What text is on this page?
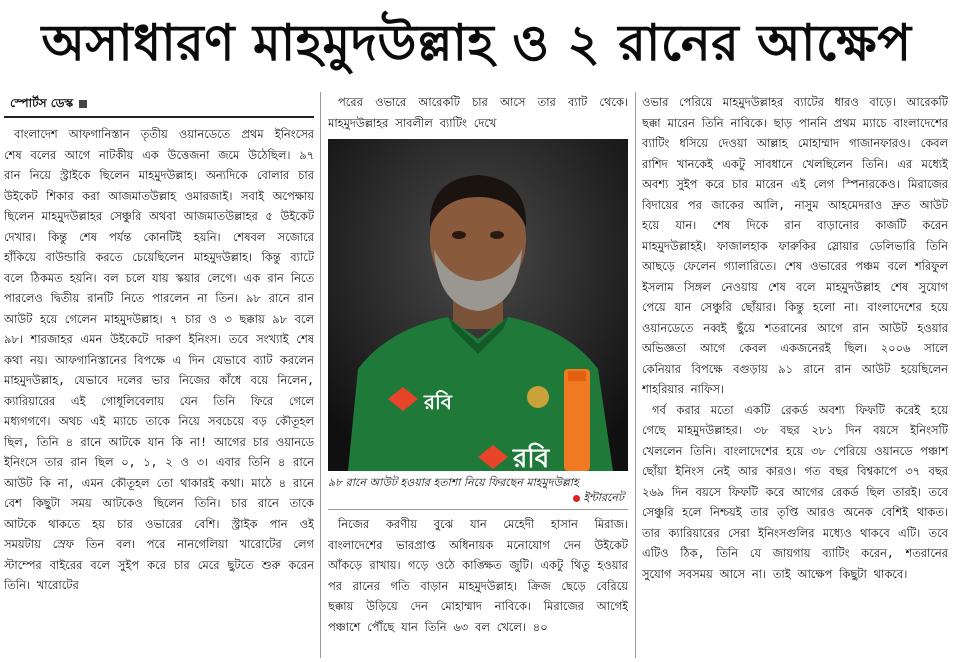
অসাধারণ মাহমুদউল্লাহ ও ২ রানের আক্ষেপ
স্পোর্টস ডেস্ক

বাংলাদেশ আফগানিস্তান তৃতীয় ওয়ানডেতে প্রথম ইনিংসের শেষ বলের আগে নাটকীয় এক উত্তেজনা জমে উঠেছিল। ৯৭ রান নিয়ে স্ট্রাইকে ছিলেন মাহমুদউল্লাহ। অন্যদিকে বোলার চার উইকেট শিকার করা আজমাতউল্লাহ ওমারজাই। সবাই অপেক্ষায় ছিলেন মাহমুদউল্লাহর সেঞ্চুরি অথবা আজমাতউল্লাহর ৫ উইকেট দেখার। কিন্তু শেষ পর্যন্ত কোনটিই হয়নি। শেষবল সজোরে হাঁকিয়ে বাউন্ডারি করতে চেয়েছিলেন মাহমুদউল্লাহ। কিন্তু ব্যাটে বলে ঠিকমত হয়নি। বল চলে যায় স্কয়ার লেগে। এক রান নিতে পারলেও দ্বিতীয় রানটি নিতে পারলেন না তিন। ৯৮ রানে রান আউট হয়ে গেলেন মাহমুদউল্লাহ। ৭ চার ও ৩ ছক্কায় ৯৮ বলে ৯৮। শারজাহর এমন উইকেটে দারুণ ইনিংস। তবে সংখ্যাই শেষ কথা নয়। আফগানিস্তানের বিপক্ষে এ দিন যেভাবে ব্যাট করলেন মাহমুদউল্লাহ, যেভাবে দলের ভার নিজের কাঁধে বয়ে নিলেন, ক্যারিয়ারের এই গোধূলিবেলায় যেন তিনি ফিরে গেলে মধ্যগগণে। অথচ এই ম্যাচে তাকে নিয়ে সবচেয়ে বড় কৌতূহল ছিল, তিনি ৪ রানে আটকে যান কি না! আগের চার ওয়ানডে ইনিংসে তার রান ছিল ০, ১, ২ ও ৩। এবার তিনি ৪ রানে আউট কি না, এমন কৌতূহল তো থাকারই কথা। মাঠে ৪ রানে বেশ কিছুটা সময় আটকেও ছিলেন তিনি। চার রানে তাকে আটকে থাকতে হয় চার ওভারের বেশি। স্ট্রাইক পান ওই সময়টায় স্রেফ তিন বল। পরে নানগেলিয়া খারোটের লেগ স্টাম্পের বাইরের বলে সুইপ করে চার মেরে ছুটতে শুরু করেন তিনি। খারোটের

পরের ওভারে আরেকটি চার আসে তার ব্যাট থেকে। মাহমুদউল্লাহর সাবলীল ব্যাটিং দেখে

রবি
রবি
৯৮ রানে আউট হওয়ার হতাশা নিয়ে ফিরছেন মাহমুদউল্লাহ
ইন্টারনেট

নিজের করণীয় বুঝে যান মেহেদী হাসান মিরাজ। বাংলাদেশের ভারপ্রাপ্ত অধিনায়ক মনোযোগ দেন উইকেট আঁকড়ে রাখায়। গড়ে ওঠে কাঙ্ক্ষিত জুটি। একটু থিতু হওয়ার পর রানের গতি বাড়ান মাহমুদউল্লাহ। ক্রিজ ছেড়ে বেরিয়ে ছক্কায় উড়িয়ে দেন মোহাম্মাদ নাবিকে। মিরাজের আগেই পঞ্চাশে পৌঁছে যান তিনি ৬৩ বল খেলে। ৪০

ওভার পেরিয়ে মাহমুদউল্লাহর ব্যাটের ধারও বাড়ে। আরেকটি ছক্কা মারেন তিনি নাবিকে। ছাড় পাননি প্রথম ম্যাচে বাংলাদেশের ব্যাটিং ধসিয়ে দেওয়া আল্লাহ মোহাম্মাদ গাজানফারও। কেবল রাশিদ খানকেই একটু সাবধানে খেলছিলেন তিনি। এর মধ্যেই অবশ্য সুইপ করে চার মারেন এই লেগ স্পিনারকেও। মিরাজের বিদায়ের পর জাকের আলি, নাসুম আহমেদরাও দ্রুত আউট হয়ে যান। শেষ দিকে রান বাড়ানোর কাজটি করেন মাহমুদউল্লাহই। ফাজালহাক ফারুকির স্লোয়ার ডেলিভারি তিনি আছড়ে ফেলেন গ্যালারিতে। শেষ ওভারের পঞ্চম বলে শরিফুল ইসলাম সিঙ্গল নেওয়ায় শেষ বলে মাহমুদউল্লাহ শেষ সুযোগ পেয়ে যান সেঞ্চুরি ছোঁয়ার। কিন্তু হলো না। বাংলাদেশের হয়ে ওয়ানডেতে নব্বই ছুঁয়ে শতরানের আগে রান আউট হওয়ার অভিজ্ঞতা আগে কেবল একজনেরই ছিল। ২০০৬ সালে কেনিয়ার বিপক্ষে বগুড়ায় ৯১ রানে রান আউট হয়েছিলেন শাহরিয়ার নাফিস।

গর্ব করার মতো একটি রেকর্ড অবশ্য ফিফটি করেই হয়ে গেছে মাহমুদউল্লাহর। ৩৮ বছর ২৮১ দিন বয়সে ইনিংসটি খেললেন তিনি। বাংলাদেশের হয়ে ৩৮ পেরিয়ে ওয়ানডে পঞ্চাশ ছোঁয়া ইনিংস নেই আর কারও। গত বছর বিশ্বকাপে ৩৭ বছর ২৬৯ দিন বয়সে ফিফটি করে আগের রেকর্ড ছিল তারই। তবে সেঞ্চুরি হলে নিশ্চয়ই তার তৃপ্তি আরও অনেক বেশিই থাকত। তার ক্যারিয়ারের সেরা ইনিংসগুলির মধ্যেও থাকবে এটি। তবে এটিও ঠিক, তিনি যে জায়গায় ব্যাটিং করেন, শতরানের সুযোগ সবসময় আসে না। তাই আক্ষেপ কিছুটা থাকবে।
